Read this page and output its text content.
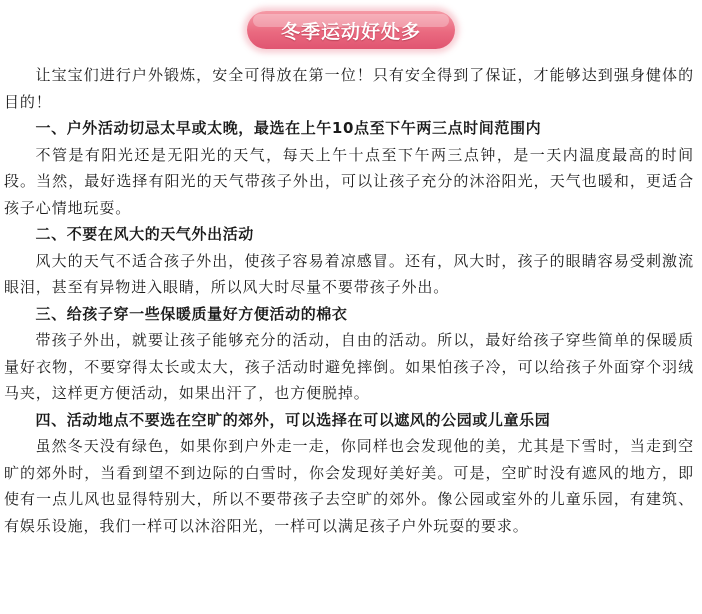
冬季运动好处多

让宝宝们进行户外锻炼，安全可得放在第一位！只有安全得到了保证，才能够达到强身健体的目的！

一、户外活动切忌太早或太晚，最选在上午10点至下午两三点时间范围内

不管是有阳光还是无阳光的天气，每天上午十点至下午两三点钟，是一天内温度最高的时间段。当然，最好选择有阳光的天气带孩子外出，可以让孩子充分的沐浴阳光，天气也暖和，更适合孩子心情地玩耍。

二、不要在风大的天气外出活动

风大的天气不适合孩子外出，使孩子容易着凉感冒。还有，风大时，孩子的眼睛容易受刺激流眼泪，甚至有异物进入眼睛，所以风大时尽量不要带孩子外出。

三、给孩子穿一些保暖质量好方便活动的棉衣

带孩子外出，就要让孩子能够充分的活动，自由的活动。所以，最好给孩子穿些简单的保暖质量好衣物，不要穿得太长或太大，孩子活动时避免摔倒。如果怕孩子冷，可以给孩子外面穿个羽绒马夹，这样更方便活动，如果出汗了，也方便脱掉。

四、活动地点不要选在空旷的郊外，可以选择在可以遮风的公园或儿童乐园

虽然冬天没有绿色，如果你到户外走一走，你同样也会发现他的美，尤其是下雪时，当走到空旷的郊外时，当看到望不到边际的白雪时，你会发现好美好美。可是，空旷时没有遮风的地方，即使有一点儿风也显得特别大，所以不要带孩子去空旷的郊外。像公园或室外的儿童乐园，有建筑、有娱乐设施，我们一样可以沐浴阳光，一样可以满足孩子户外玩耍的要求。
